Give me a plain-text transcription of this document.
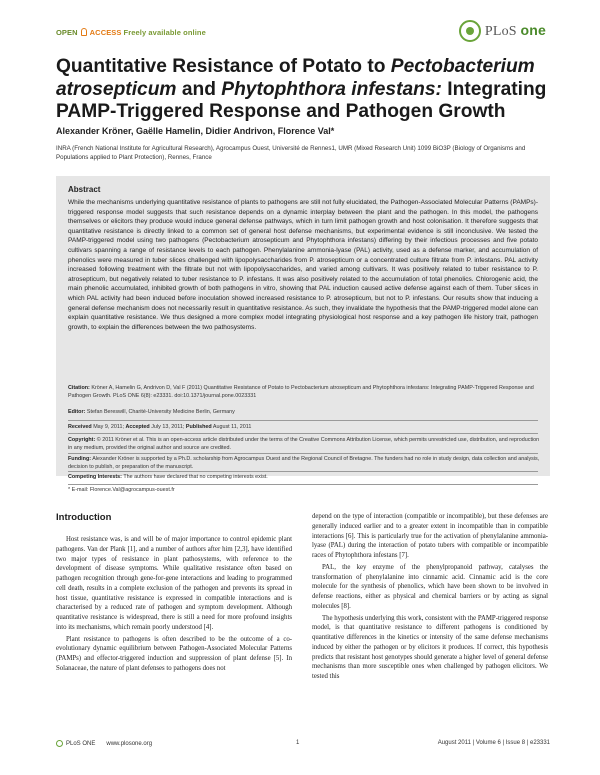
OPEN ACCESS Freely available online	PLoS one
Quantitative Resistance of Potato to Pectobacterium atrosepticum and Phytophthora infestans: Integrating PAMP-Triggered Response and Pathogen Growth
Alexander Kröner, Gaëlle Hamelin, Didier Andrivon, Florence Val*
INRA (French National Institute for Agricultural Research), Agrocampus Ouest, Université de Rennes1, UMR (Mixed Research Unit) 1099 BiO3P (Biology of Organisms and Populations applied to Plant Protection), Rennes, France
Abstract

While the mechanisms underlying quantitative resistance of plants to pathogens are still not fully elucidated, the Pathogen-Associated Molecular Patterns (PAMPs)-triggered response model suggests that such resistance depends on a dynamic interplay between the plant and the pathogen. In this model, the pathogens themselves or elicitors they produce would induce general defense pathways, which in turn limit pathogen growth and host colonisation. It therefore suggests that quantitative resistance is directly linked to a common set of general host defense mechanisms, but experimental evidence is still inconclusive. We tested the PAMP-triggered model using two pathogens (Pectobacterium atrosepticum and Phytophthora infestans) differing by their infectious processes and five potato cultivars spanning a range of resistance levels to each pathogen. Phenylalanine ammonia-lyase (PAL) activity, used as a defense marker, and accumulation of phenolics were measured in tuber slices challenged with lipopolysaccharides from P. atrosepticum or a concentrated culture filtrate from P. infestans. PAL activity increased following treatment with the filtrate but not with lipopolysaccharides, and varied among cultivars. It was positively related to tuber resistance to P. atrosepticum, but negatively related to tuber resistance to P. infestans. It was also positively related to the accumulation of total phenolics. Chlorogenic acid, the main phenolic accumulated, inhibited growth of both pathogens in vitro, showing that PAL induction caused active defense against each of them. Tuber slices in which PAL activity had been induced before inoculation showed increased resistance to P. atrosepticum, but not to P. infestans. Our results show that inducing a general defense mechanism does not necessarily result in quantitative resistance. As such, they invalidate the hypothesis that the PAMP-triggered model alone can explain quantitative resistance. We thus designed a more complex model integrating physiological host response and a key pathogen life history trait, pathogen growth, to explain the differences between the two pathosystems.

Citation: Kröner A, Hamelin G, Andrivon D, Val F (2011) Quantitative Resistance of Potato to Pectobacterium atrosepticum and Phytophthora infestans: Integrating PAMP-Triggered Response and Pathogen Growth. PLoS ONE 6(8): e23331. doi:10.1371/journal.pone.0023331
Editor: Stefan Bereswill, Charité-University Medicine Berlin, Germany
Received May 9, 2011; Accepted July 13, 2011; Published August 11, 2011
Copyright: © 2011 Kröner et al. This is an open-access article distributed under the terms of the Creative Commons Attribution License, which permits unrestricted use, distribution, and reproduction in any medium, provided the original author and source are credited.
Funding: Alexander Kröner is supported by a Ph.D. scholarship from Agrocampus Ouest and the Regional Council of Bretagne. The funders had no role in study design, data collection and analysis, decision to publish, or preparation of the manuscript.
Competing Interests: The authors have declared that no competing interests exist.
* E-mail: Florence.Val@agrocampus-ouest.fr
Introduction

Host resistance was, is and will be of major importance to control epidemic plant pathogens. Van der Plank [1], and a number of authors after him [2,3], have identified two major types of resistance in plant pathosystems, with reference to the development of disease symptoms. While qualitative resistance often based on pathogen recognition through gene-for-gene interactions and leading to programmed cell death, results in a complete exclusion of the pathogen and prevents its spread in host tissue, quantitative resistance is expressed in compatible interactions and is characterised by a reduced rate of pathogen and symptom development. Although quantitative resistance is widespread, there is still a need for more profound insights into its mechanisms, which remain poorly understood [4].

Plant resistance to pathogens is often described to be the outcome of a co-evolutionary dynamic equilibrium between Pathogen-Associated Molecular Patterns (PAMPs) and effector-triggered induction and suppression of plant defense [5]. In Solanaceae, the nature of plant defenses to pathogens does not

depend on the type of interaction (compatible or incompatible), but these defenses are generally induced earlier and to a greater extent in incompatible than in compatible interactions [6]. This is particularly true for the activation of phenylalanine ammonia-lyase (PAL) during the interaction of potato tubers with compatible or incompatible races of Phytophthora infestans [7].

PAL, the key enzyme of the phenylpropanoid pathway, catalyses the transformation of phenylalanine into cinnamic acid. Cinnamic acid is the core molecule for the synthesis of phenolics, which have been shown to be involved in defense reactions, either as physical and chemical barriers or by acting as signal molecules [8].

The hypothesis underlying this work, consistent with the PAMP-triggered response model, is that quantitative resistance to different pathogens is conditioned by quantitative differences in the kinetics or intensity of the same defense mechanisms induced by either the pathogen or by elicitors it produces. If correct, this hypothesis predicts that resistant host genotypes should generate a higher level of general defense mechanisms than more susceptible ones when challenged by pathogen elicitors. We tested this

PLoS ONE www.plosone.org	1	August 2011 | Volume 6 | Issue 8 | e23331
